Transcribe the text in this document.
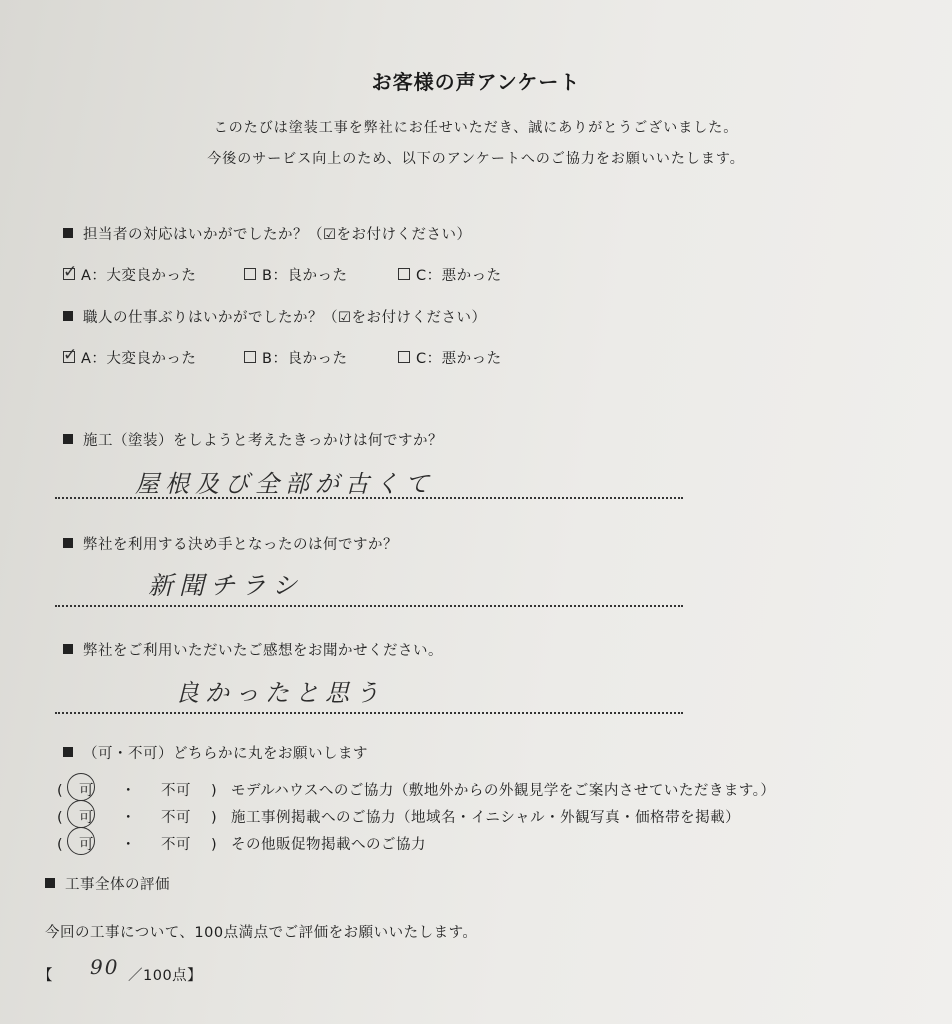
お客様の声アンケート
このたびは塗装工事を弊社にお任せいただき、誠にありがとうございました。
今後のサービス向上のため、以下のアンケートへのご協力をお願いいたします。
担当者の対応はいかがでしたか？（☑をお付けください）
✓ A：大変良かった	B：良かった	C：悪かった
職人の仕事ぶりはいかがでしたか？（☑をお付けください）
✓ A：大変良かった	B：良かった	C：悪かった
施工（塗装）をしようと考えたきっかけは何ですか？
屋根及び全部が古くて
弊社を利用する決め手となったのは何ですか？
新聞チラシ
弊社をご利用いただいたご感想をお聞かせください。
良かったと思う
（可・不可）どちらかに丸をお願いします
( 可 ・ 不可 ) モデルハウスへのご協力（敷地外からの外観見学をご案内させていただきます。）
( 可 ・ 不可 ) 施工事例掲載へのご協力（地域名・イニシャル・外観写真・価格帯を掲載）
( 可 ・ 不可 ) その他販促物掲載へのご協力
工事全体の評価
今回の工事について、100点満点でご評価をお願いいたします。
【 90 ／100点】
